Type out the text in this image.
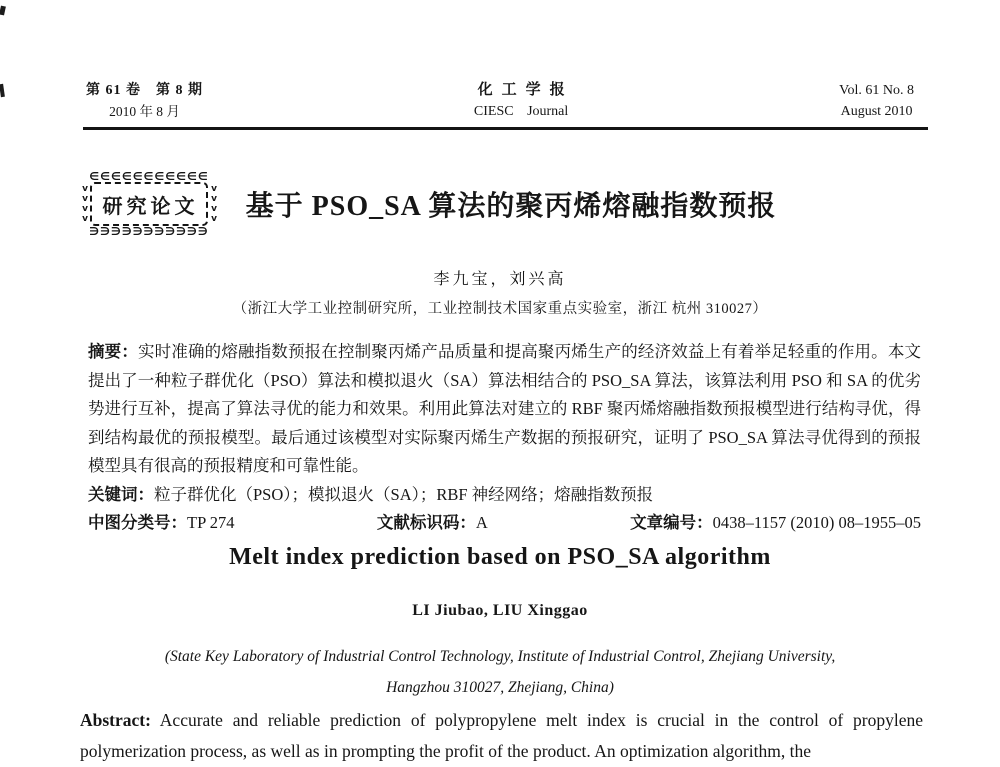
第 61 卷　第 8 期
2010 年 8 月
化工学报
CIESC Journal
Vol. 61 No. 8
August 2010
∈∈∈∈∈∈∈∈∈∈∈
vvvv 研究论文	vvvv
∋∋∋∋∋∋∋∋∋∋∋
基于 PSO_SA 算法的聚丙烯熔融指数预报
李九宝，刘兴高
（浙江大学工业控制研究所，工业控制技术国家重点实验室，浙江 杭州 310027）

摘要：实时准确的熔融指数预报在控制聚丙烯产品质量和提高聚丙烯生产的经济效益上有着举足轻重的作用。本文提出了一种粒子群优化（PSO）算法和模拟退火（SA）算法相结合的 PSO_SA 算法，该算法利用 PSO 和 SA 的优劣势进行互补，提高了算法寻优的能力和效果。利用此算法对建立的 RBF 聚丙烯熔融指数预报模型进行结构寻优，得到结构最优的预报模型。最后通过该模型对实际聚丙烯生产数据的预报研究，证明了 PSO_SA 算法寻优得到的预报模型具有很高的预报精度和可靠性能。

关键词：粒子群优化（PSO）；模拟退火（SA）；RBF 神经网络；熔融指数预报

中图分类号：TP 274	文献标识码：A	文章编号：0438–1157 (2010) 08–1955–05
Melt index prediction based on PSO_SA algorithm
LI Jiubao, LIU Xinggao
(State Key Laboratory of Industrial Control Technology, Institute of Industrial Control, Zhejiang University,
Hangzhou 310027, Zhejiang, China)

Abstract: Accurate and reliable prediction of polypropylene melt index is crucial in the control of propylene polymerization process, as well as in prompting the profit of the product. An optimization algorithm, the
